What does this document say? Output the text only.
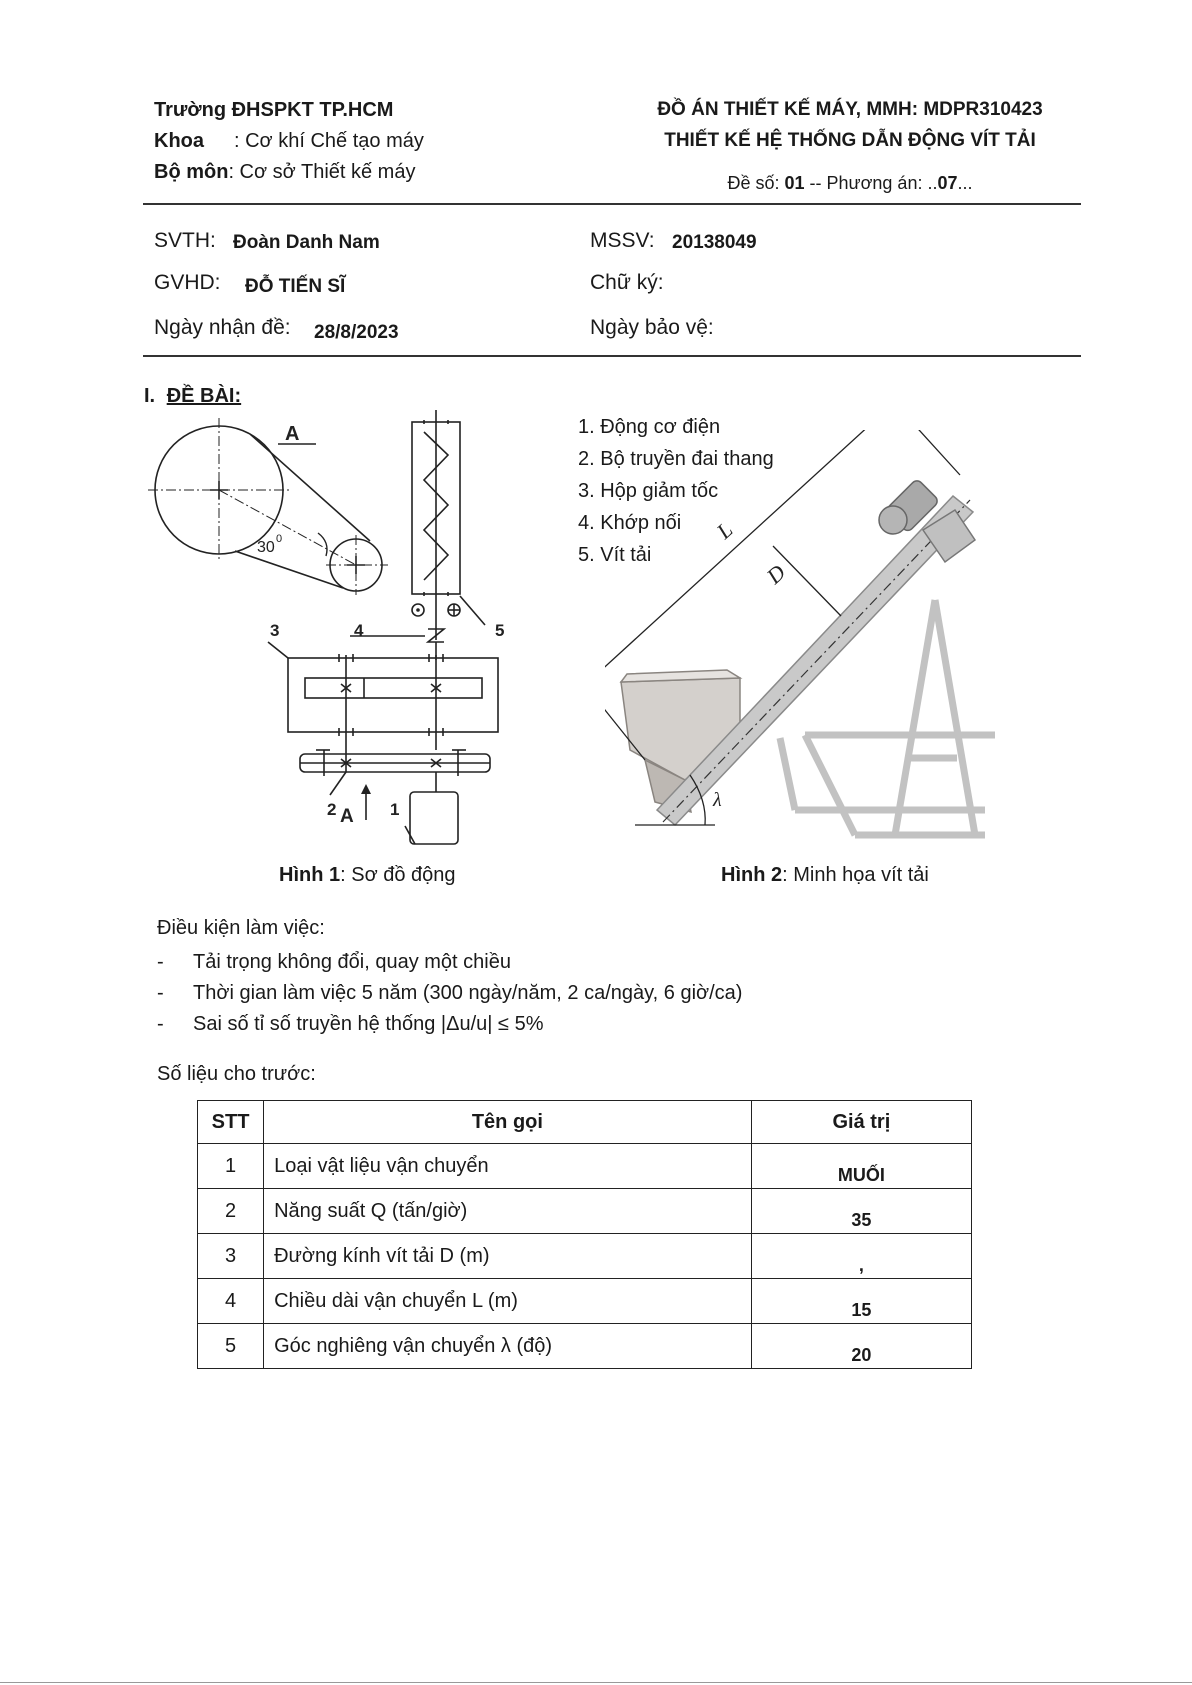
Trường ĐHSPKT TP.HCM
Khoa : Cơ khí Chế tạo máy
Bộ môn: Cơ sở Thiết kế máy
ĐỒ ÁN THIẾT KẾ MÁY, MMH: MDPR310423
THIẾT KẾ HỆ THỐNG DẪN ĐỘNG VÍT TẢI
Đề số: 01 -- Phương án: ..07...
SVTH: Đoàn Danh Nam	MSSV: 20138049
GVHD: ĐỖ TIẾN SĨ	Chữ ký:
Ngày nhận đề: 28/8/2023	Ngày bảo vệ:
I. ĐỀ BÀI:
A
30 0
3	4	5
2	1
A
Hình 1: Sơ đồ động
1. Động cơ điện
2. Bộ truyền đai thang
3. Hộp giảm tốc
4. Khớp nối
5. Vít tải
L
D
λ
Hình 2: Minh họa vít tải
Điều kiện làm việc:
- Tải trọng không đổi, quay một chiều
- Thời gian làm việc 5 năm (300 ngày/năm, 2 ca/ngày, 6 giờ/ca)
- Sai số tỉ số truyền hệ thống |Δu/u| ≤ 5%
Số liệu cho trước:
STT	Tên gọi	Giá trị
1	Loại vật liệu vận chuyển	MUỐI
2	Năng suất Q (tấn/giờ)	35
3	Đường kính vít tải D (m)	,
4	Chiều dài vận chuyển L (m)	15
5	Góc nghiêng vận chuyển λ (độ)	20
